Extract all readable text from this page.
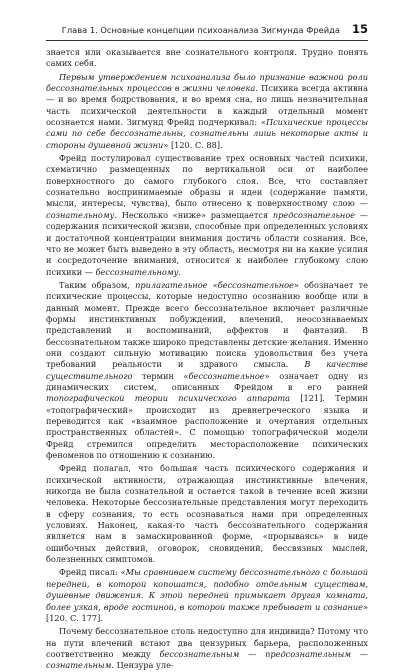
Глава 1. Основные концепции психоанализа Зигмунда Фрейда 15

знается или оказывается вне сознательного контроля. Трудно понять самих себя.

Первым утверждением психоанализа было признание важной роли бессознательных процессов в жизни человека. Психика всегда активна — и во время бодрствования, и во время сна, но лишь незначительная часть психической деятельности в каждый отдельный момент осознается нами. Зигмунд Фрейд подчеркивал: «Психические процессы сами по себе бессознательны, сознательны лишь некоторые акты и стороны душевной жизни» [120. С. 88].

Фрейд постулировал существование трех основных частей психики, схематично размещенных по вертикальной оси от наиболее поверхностного до самого глубокого слоя. Все, что составляет сознательно воспринимаемые образы и идеи (содержание памяти, мысли, интересы, чувства), было отнесено к поверхностному слою — сознательному. Несколько «ниже» размещается предсознательное — содержания психической жизни, способные при определенных условиях и достаточной концентрации внимания достичь области сознания. Все, что не может быть выведено в эту область, несмотря ни на какие усилия и сосредоточение внимания, относится к наиболее глубокому слою психики — бессознательному.

Таким образом, прилагательное «бессознательное» обозначает те психические процессы, которые недоступно осознанию вообще или в данный момент. Прежде всего бессознательное включает различные формы инстинктивных побуждений, влечений, неосознаваемых представлений и воспоминаний, аффектов и фантазий. В бессознательном также широко представлены детские желания. Именно они создают сильную мотивацию поиска удовольствия без учета требований реальности и здравого смысла. В качестве существительного термин «бессознательное» означает одну из динамических систем, описанных Фрейдом в его ранней топографической теории психического аппарата [121]. Термин «топографический» происходит из древнегреческого языка и переводится как «взаимное расположение и очертания отдельных пространственных областей». С помощью топографической модели Фрейд стремился определить месторасположение психических феноменов по отношению к сознанию.

Фрейд полагал, что большая часть психического содержания и психической активности, отражающая инстинктивные влечения, никогда не была сознательной и остается такой в течение всей жизни человека. Некоторые бессознательные представления могут переходить в сферу сознания, то есть осознаваться нами при определенных условиях. Наконец, какая-то часть бессознательного содержания является нам в замаскированной форме, «прорываясь» в виде ошибочных действий, оговорок, сновидений, бессвязных мыслей, болезненных симптомов.

Фрейд писал: «Мы сравниваем систему бессознательного с большой передней, в которой копошатся, подобно отдельным существам, душевные движения. К этой передней примыкает другая комната, более узкая, вроде гостиной, в которой также пребывает и сознание» [120. С. 177].

Почему бессознательное столь недоступно для индивида? Потому что на пути влечений встают два цензурных барьера, расположенных соответственно между бессознательным — предсознательным — сознательным. Цензура уле-
